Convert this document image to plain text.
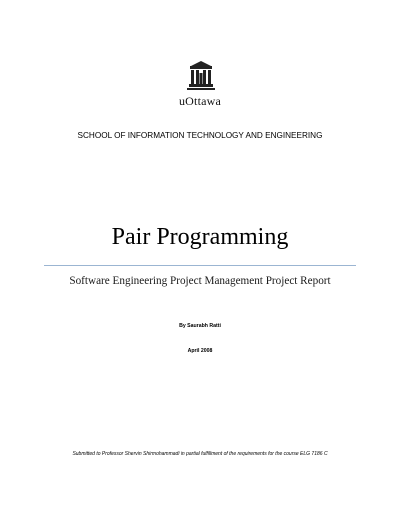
uOttawa
SCHOOL OF INFORMATION TECHNOLOGY AND ENGINEERING
Pair Programming
Software Engineering Project Management Project Report
By Saurabh Ratti
April 2008
Submitted to Professor Shervin Shirmohammadi in partial fulfillment of the requirements for the course ELG 7186 C
